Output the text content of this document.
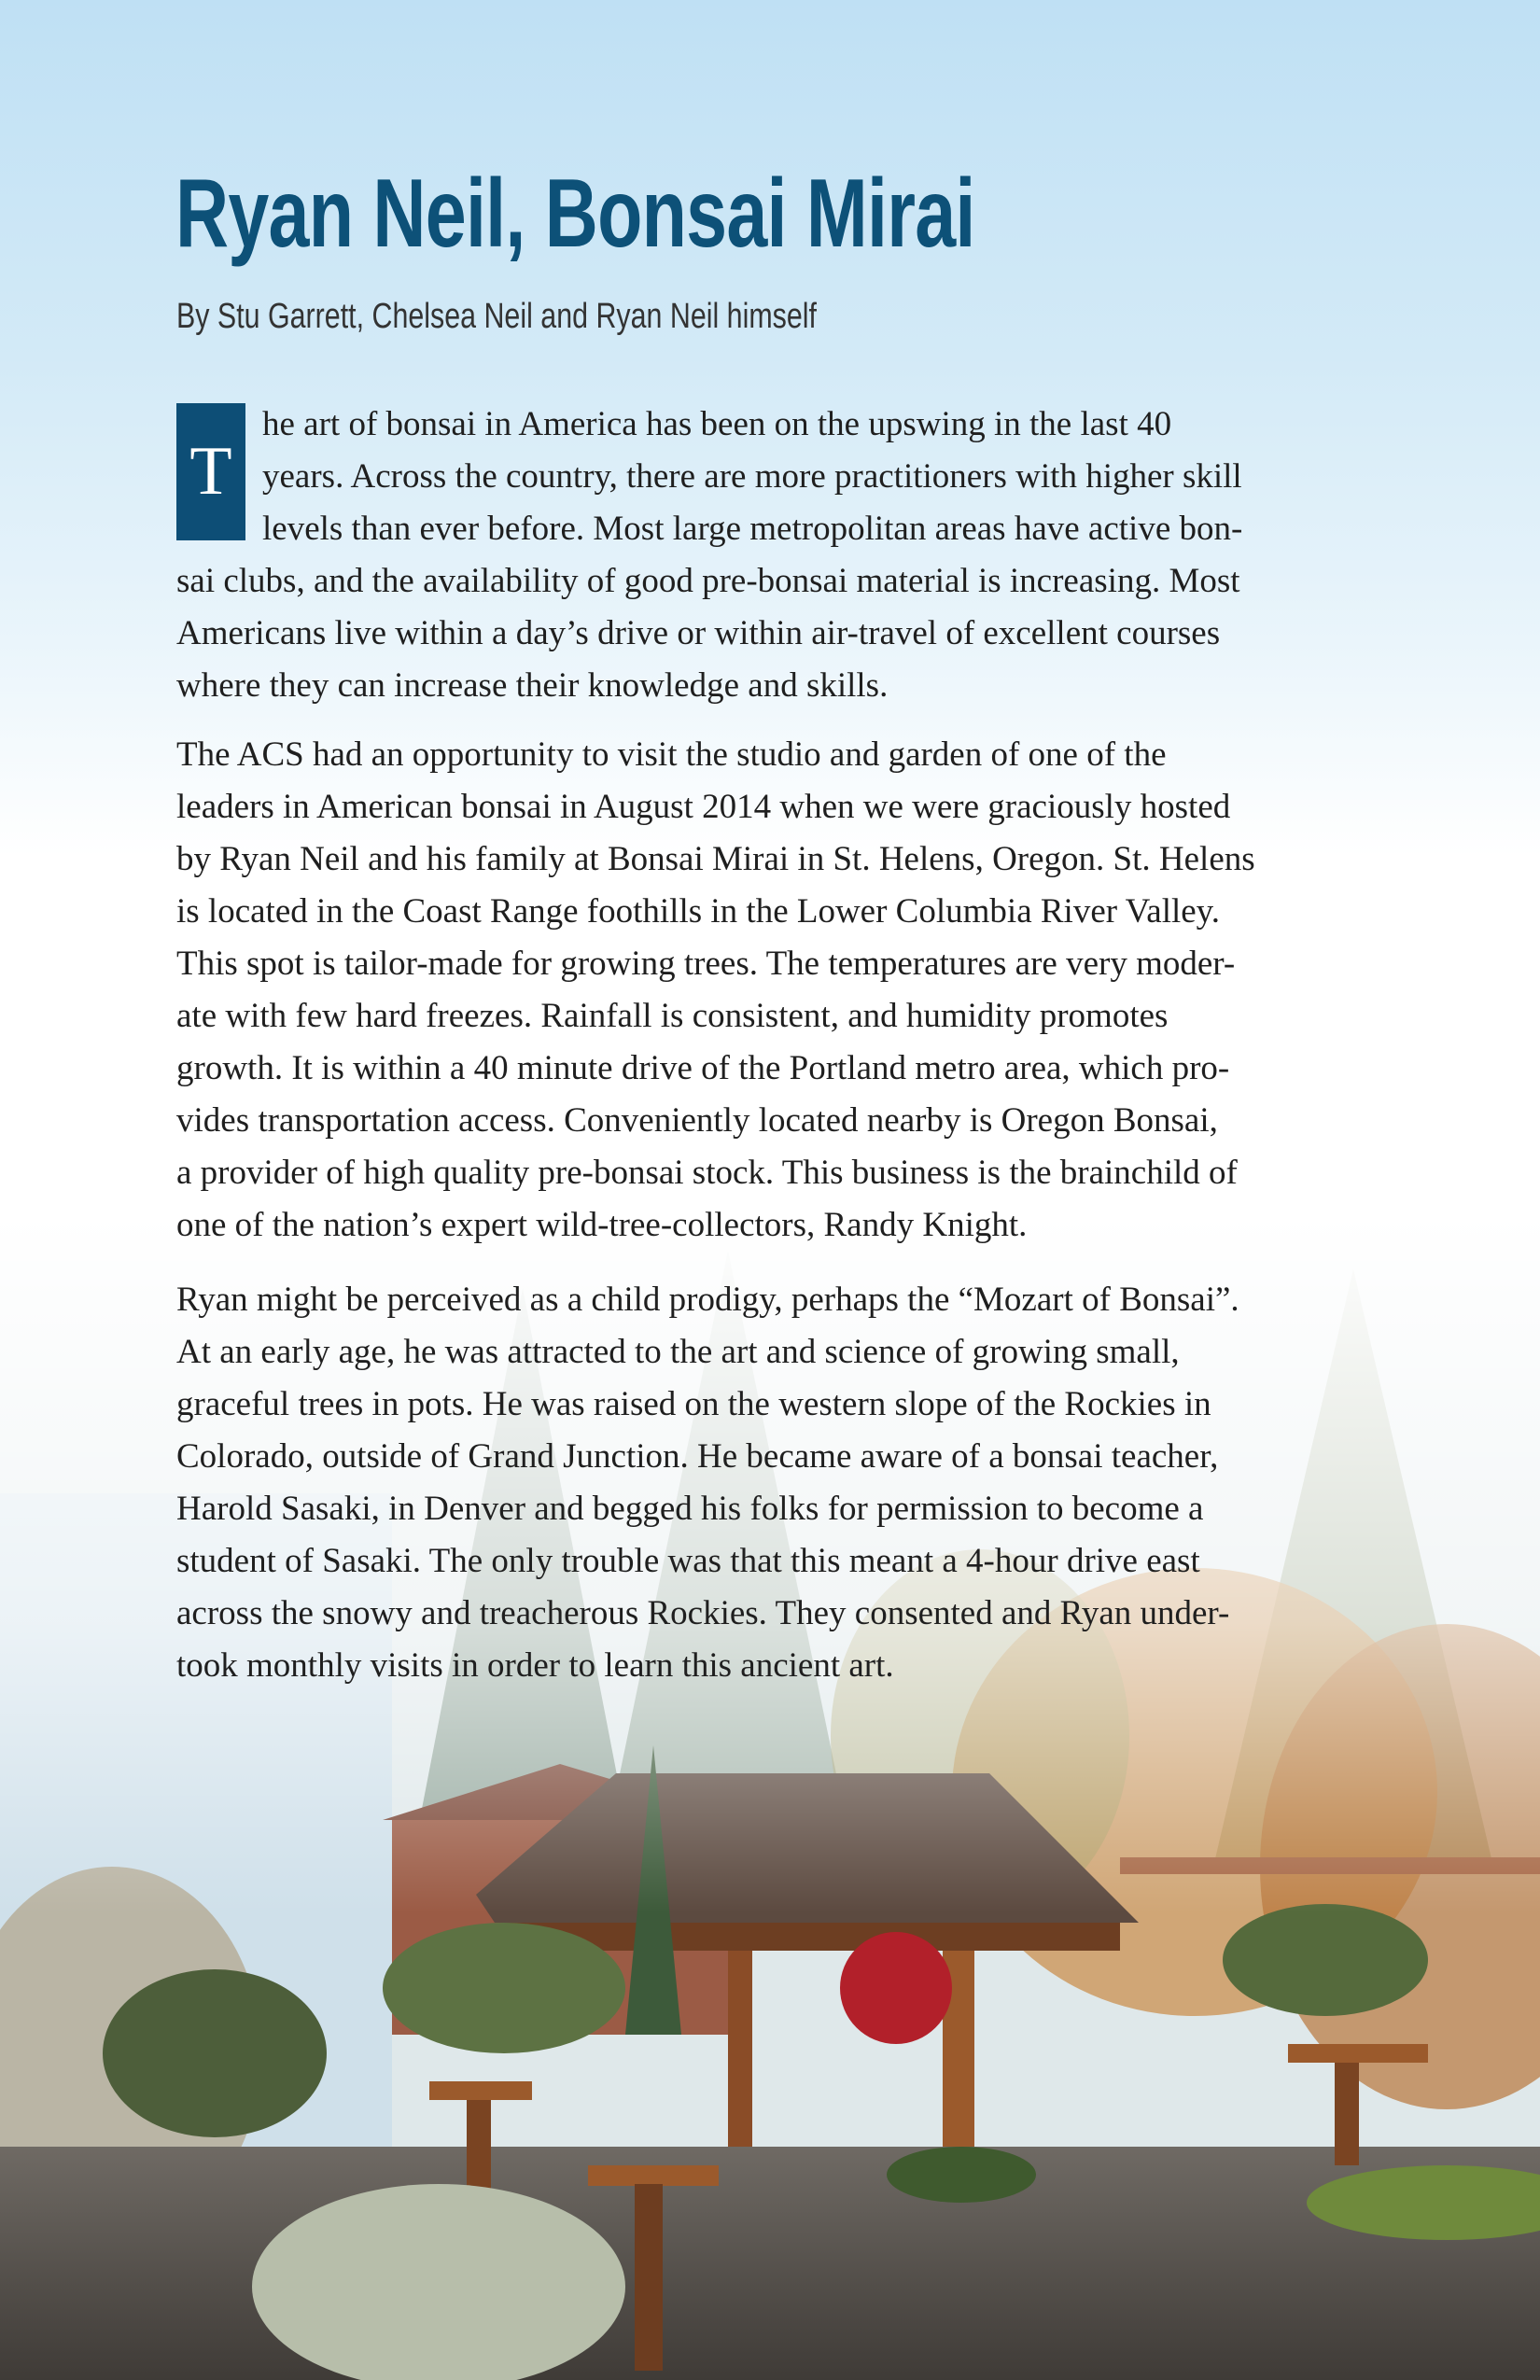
Ryan Neil, Bonsai Mirai
By Stu Garrett, Chelsea Neil and Ryan Neil himself
T
he art of bonsai in America has been on the upswing in the last 40
years. Across the country, there are more practitioners with higher skill
levels than ever before. Most large metropolitan areas have active bon-
sai clubs, and the availability of good pre-bonsai material is increasing. Most
Americans live within a day’s drive or within air-travel of excellent courses
where they can increase their knowledge and skills.
The ACS had an opportunity to visit the studio and garden of one of the
leaders in American bonsai in August 2014 when we were graciously hosted
by Ryan Neil and his family at Bonsai Mirai in St. Helens, Oregon. St. Helens
is located in the Coast Range foothills in the Lower Columbia River Valley.
This spot is tailor-made for growing trees. The temperatures are very moder-
ate with few hard freezes. Rainfall is consistent, and humidity promotes
growth. It is within a 40 minute drive of the Portland metro area, which pro-
vides transportation access. Conveniently located nearby is Oregon Bonsai,
a provider of high quality pre-bonsai stock. This business is the brainchild of
one of the nation’s expert wild-tree-collectors, Randy Knight.
Ryan might be perceived as a child prodigy, perhaps the “Mozart of Bonsai”.
At an early age, he was attracted to the art and science of growing small,
graceful trees in pots. He was raised on the western slope of the Rockies in
Colorado, outside of Grand Junction. He became aware of a bonsai teacher,
Harold Sasaki, in Denver and begged his folks for permission to become a
student of Sasaki. The only trouble was that this meant a 4-hour drive east
across the snowy and treacherous Rockies. They consented and Ryan under-
took monthly visits in order to learn this ancient art.
